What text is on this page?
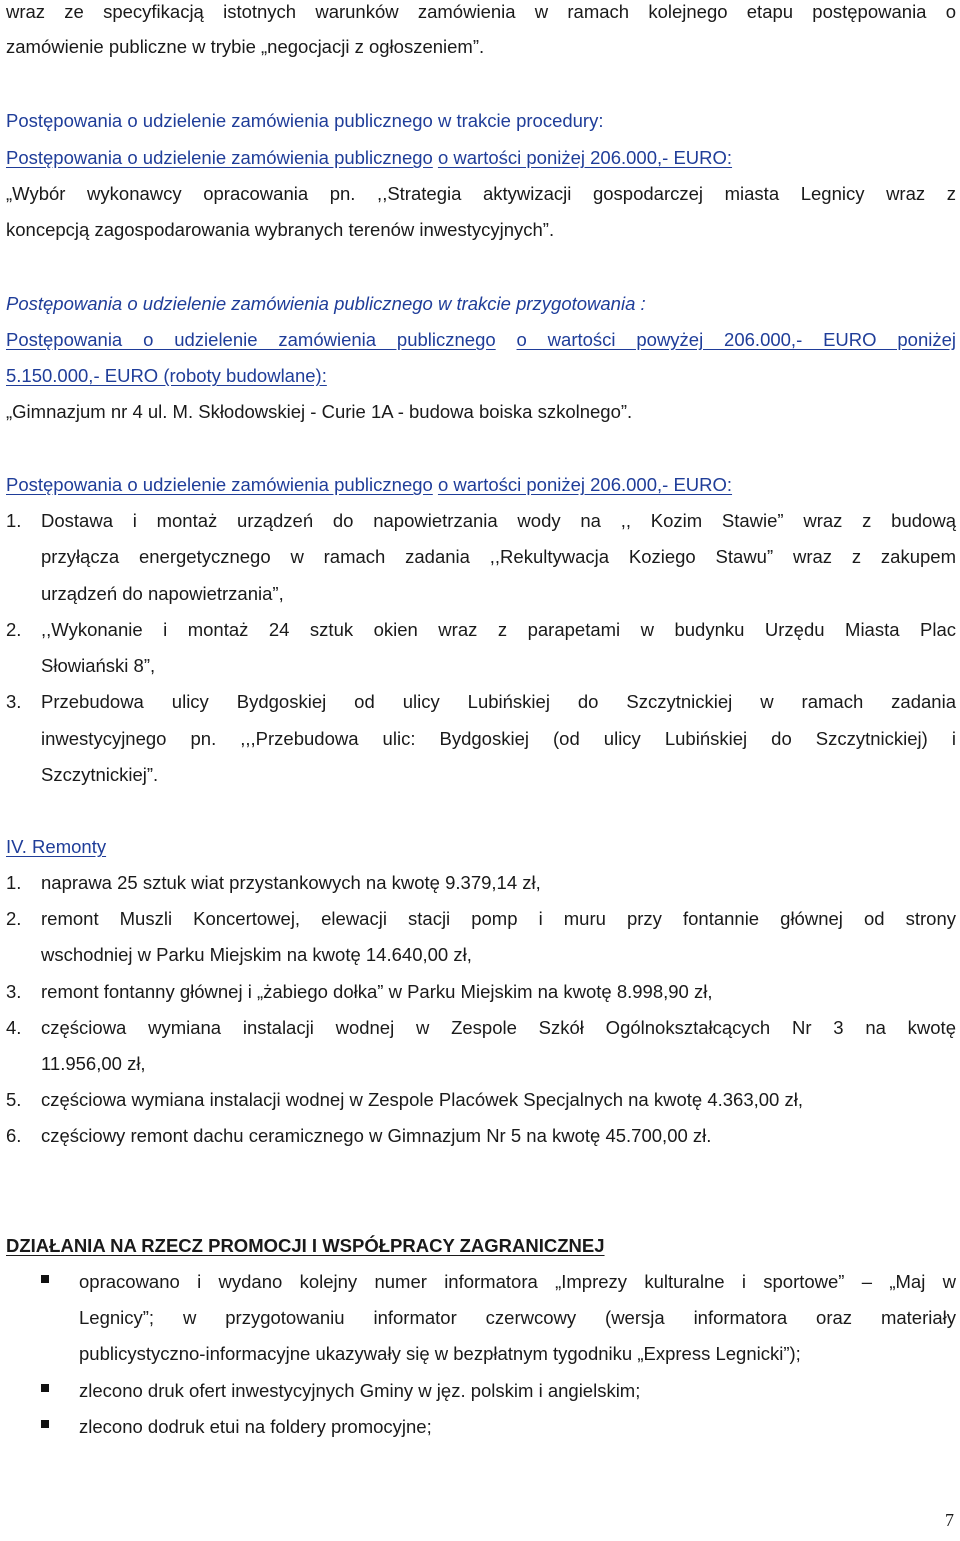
wraz ze specyfikacją istotnych warunków zamówienia w ramach kolejnego etapu postępowania o
zamówienie publiczne w trybie „negocjacji z ogłoszeniem”.
Postępowania o udzielenie zamówienia publicznego w trakcie procedury:
Postępowania o udzielenie zamówienia publicznego o wartości poniżej 206.000,- EURO:
„Wybór wykonawcy opracowania pn. ,,Strategia aktywizacji gospodarczej miasta Legnicy wraz z
koncepcją zagospodarowania wybranych terenów inwestycyjnych”.
Postępowania o udzielenie zamówienia publicznego w trakcie przygotowania :
Postępowania o udzielenie zamówienia publicznego o wartości powyżej 206.000,- EURO poniżej
5.150.000,- EURO (roboty budowlane):
„Gimnazjum nr 4 ul. M. Skłodowskiej - Curie 1A - budowa boiska szkolnego”.
Postępowania o udzielenie zamówienia publicznego o wartości poniżej 206.000,- EURO:
1. Dostawa i montaż urządzeń do napowietrzania wody na ,, Kozim Stawie” wraz z budową
przyłącza energetycznego w ramach zadania ,,Rekultywacja Koziego Stawu” wraz z zakupem
urządzeń do napowietrzania”,
2. ,,Wykonanie i montaż 24 sztuk okien wraz z parapetami w budynku Urzędu Miasta Plac
Słowiański 8”,
3. Przebudowa ulicy Bydgoskiej od ulicy Lubińskiej do Szczytnickiej w ramach zadania
inwestycyjnego pn. ,,,Przebudowa ulic: Bydgoskiej (od ulicy Lubińskiej do Szczytnickiej) i
Szczytnickiej”.
IV. Remonty
1. naprawa 25 sztuk wiat przystankowych na kwotę 9.379,14 zł,
2. remont Muszli Koncertowej, elewacji stacji pomp i muru przy fontannie głównej od strony
wschodniej w Parku Miejskim na kwotę 14.640,00 zł,
3. remont fontanny głównej i „żabiego dołka” w Parku Miejskim na kwotę 8.998,90 zł,
4. częściowa wymiana instalacji wodnej w Zespole Szkół Ogólnokształcących Nr 3 na kwotę
11.956,00 zł,
5. częściowa wymiana instalacji wodnej w Zespole Placówek Specjalnych na kwotę 4.363,00 zł,
6. częściowy remont dachu ceramicznego w Gimnazjum Nr 5 na kwotę 45.700,00 zł.
DZIAŁANIA NA RZECZ PROMOCJI I WSPÓŁPRACY ZAGRANICZNEJ
opracowano i wydano kolejny numer informatora „Imprezy kulturalne i sportowe” – „Maj w
Legnicy”; w przygotowaniu informator czerwcowy (wersja informatora oraz materiały
publicystyczno-informacyjne ukazywały się w bezpłatnym tygodniku „Express Legnicki”);
zlecono druk ofert inwestycyjnych Gminy w jęz. polskim i angielskim;
zlecono dodruk etui na foldery promocyjne;
7
